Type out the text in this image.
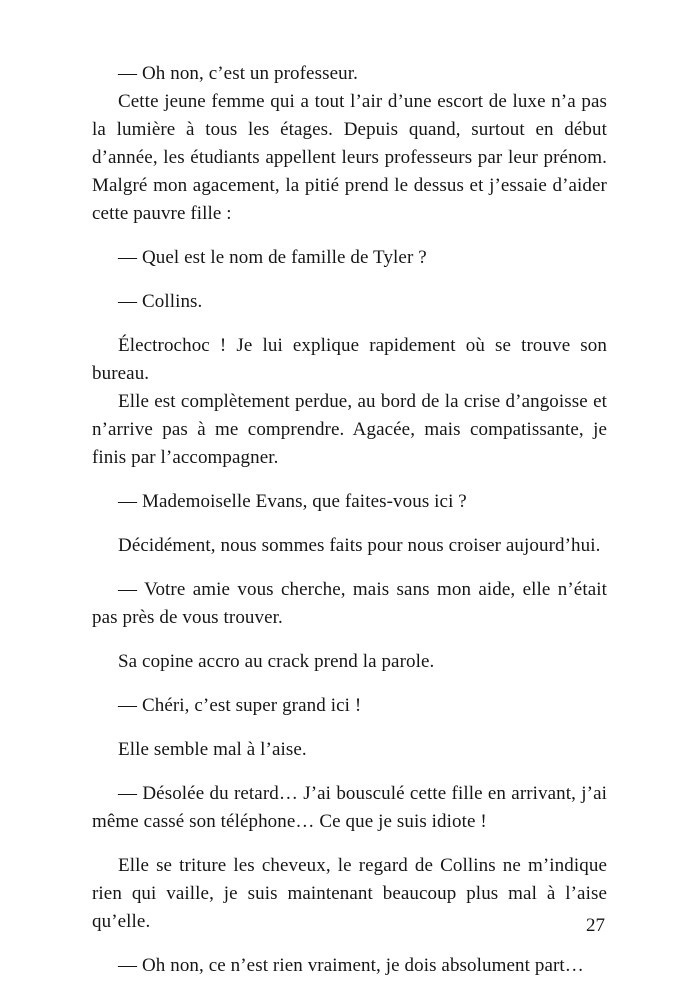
— Oh non, c’est un professeur.

Cette jeune femme qui a tout l’air d’une escort de luxe n’a pas la lumière à tous les étages. Depuis quand, surtout en début d’année, les étudiants appellent leurs professeurs par leur prénom. Malgré mon agacement, la pitié prend le dessus et j’essaie d’aider cette pauvre fille :

— Quel est le nom de famille de Tyler ?

— Collins.

Électrochoc ! Je lui explique rapidement où se trouve son bureau.

Elle est complètement perdue, au bord de la crise d’angoisse et n’arrive pas à me comprendre. Agacée, mais compatissante, je finis par l’accompagner.

— Mademoiselle Evans, que faites-vous ici ?

Décidément, nous sommes faits pour nous croiser aujourd’hui.

— Votre amie vous cherche, mais sans mon aide, elle n’était pas près de vous trouver.

Sa copine accro au crack prend la parole.

— Chéri, c’est super grand ici !

Elle semble mal à l’aise.

— Désolée du retard… J’ai bousculé cette fille en arrivant, j’ai même cassé son téléphone… Ce que je suis idiote !

Elle se triture les cheveux, le regard de Collins ne m’indique rien qui vaille, je suis maintenant beaucoup plus mal à l’aise qu’elle.

— Oh non, ce n’est rien vraiment, je dois absolument part…

27
